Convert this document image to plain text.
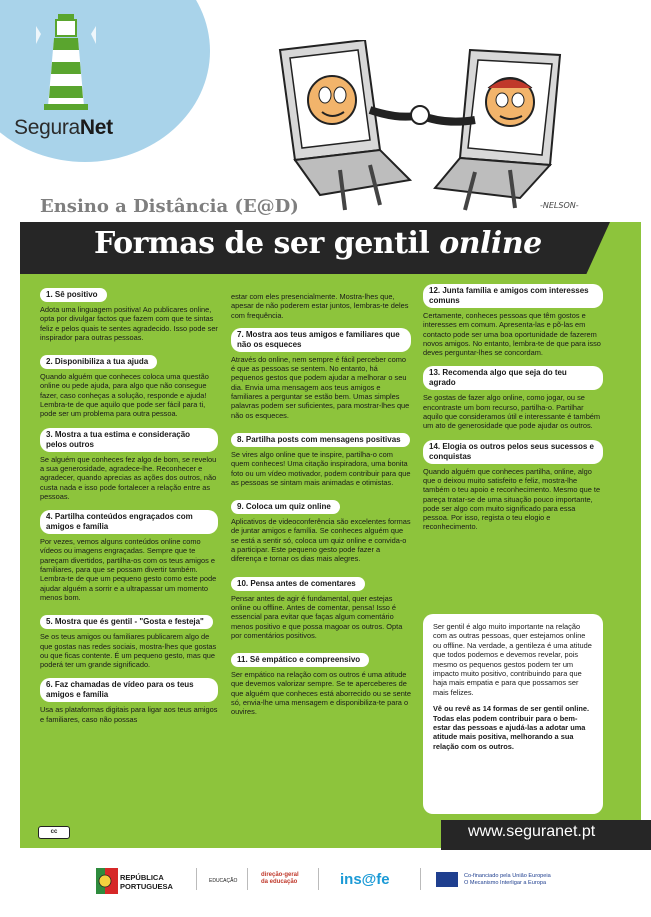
SeguraNet
-NELSON-
Ensino a Distância (E@D)
Formas de ser gentil online
1. Sê positivo

Adota uma linguagem positiva! Ao publicares online, opta por divulgar factos que fazem com que te sintas feliz e pelos quais te sentes agradecido. Isso pode ser inspirador para outras pessoas.

2. Disponibiliza a tua ajuda

Quando alguém que conheces coloca uma questão online ou pede ajuda, para algo que não conseguе fazer, caso conheças a solução, responde e ajuda! Lembra-te de que aquilo que pode ser fácil para ti, pode ser um problema para outra pessoa.

3. Mostra a tua estima e consideração pelos outros

Se alguém que conheces fez algo de bom, se revelou a sua generosidade, agradece-lhe. Reconhecer e agradecer, quando aprecias as ações dos outros, não custa nada e isso pode fortalecer a relação entre as pessoas.

4. Partilha conteúdos engraçados com amigos e família

Por vezes, vemos alguns conteúdos online como vídeos ou imagens engraçadas. Sempre que te pareçam divertidos, partilha-os com os teus amigos e familiares, para que se possam divertir também. Lembra-te de que um pequeno gesto como este pode ajudar alguém a sorrir e a ultrapassar um momento menos bom.

5. Mostra que és gentil - "Gosta e festeja"

Se os teus amigos ou familiares publicarem algo de que gostas nas redes sociais, mostra-lhes que gostas ou que ficas contente. É um pequeno gesto, mas que poderá ter um grande significado.

6. Faz chamadas de vídeo para os teus amigos e família

Usa as plataformas digitais para ligar aos teus amigos e familiares, caso não possas

estar com eles presencialmente. Mostra-lhes que, apesar de não poderem estar juntos, lembras-te deles com frequência.

7. Mostra aos teus amigos e familiares que não os esqueces

Através do online, nem sempre é fácil perceber como é que as pessoas se sentem. No entanto, há pequenos gestos que podem ajudar a melhorar o seu dia. Envia uma mensagem aos teus amigos e familiares a perguntar se estão bem. Umas simples palavras podem ser suficientes, para mostrar-lhes que não os esqueces.

8. Partilha posts com mensagens positivas

Se vires algo online que te inspire, partilha-o com quem conheces! Uma citação inspiradora, uma bonita foto ou um vídeo motivador, podem contribuir para que as pessoas se sintam mais animadas e otimistas.

9. Coloca um quiz online

Aplicativos de videoconferência são excelentes formas de juntar amigos e família. Se conheces alguém que se está a sentir só, coloca um quiz online e convida-o a participar. Este pequeno gesto pode fazer a diferença e tornar os dias mais alegres.

10. Pensa antes de comentares

Pensar antes de agir é fundamental, quer estejas online ou offline. Antes de comentar, pensa! Isso é essencial para evitar que faças algum comentário menos positivo e que possa magoar os outros. Opta por comentários positivos.

11. Sê empático e compreensivo

Ser empático na relação com os outros é uma atitude que devemos valorizar sempre. Se te aperceberes de que alguém que conheces está aborrecido ou se sente só, envia-lhe uma mensagem e disponibiliza-te para o ouvires.

12. Junta família e amigos com interesses comuns

Certamente, conheces pessoas que têm gostos e interesses em comum. Apresenta-las e põ-las em contacto pode ser uma boa oportunidade de fazerem novos amigos. No entanto, lembra-te de que para isso deves perguntar-lhes se concordam.

13. Recomenda algo que seja do teu agrado

Se gostas de fazer algo online, como jogar, ou se encontraste um bom recurso, partilha-o. Partilhar aquilo que consideramos útil e interessante é também um ato de generosidade que pode ajudar os outros.

14. Elogia os outros pelos seus sucessos e conquistas

Quando alguém que conheces partilha, online, algo que o deixou muito satisfeito e feliz, mostra-lhe também o teu apoio e reconhecimento. Mesmo que te pareça tratar-se de uma situação pouco importante, pode ser algo com muito significado para essa pessoa. Por isso, regista o teu elogio e reconhecimento.

Ser gentil é algo muito importante na relação com as outras pessoas, quer estejamos online ou offline. Na verdade, a gentileza é uma atitude que todos podemos e devemos revelar, pois mesmo os pequenos gestos podem ter um impacto muito positivo, contribuindo para que haja mais empatia e para que possamos ser mais felizes.

Vê ou revê as 14 formas de ser gentil online. Todas elas podem contribuir para o bem-estar das pessoas e ajudá-las a adotar uma atitude mais positiva, melhorando a sua relação com os outros.

cc	www.seguranet.pt
REPÚBLICA
PORTUGUESA
EDUCAÇÃO
direção-geral
da educação	ins@fe	Co-financiado pela União Europeia
O Mecanismo Interligar a Europa
